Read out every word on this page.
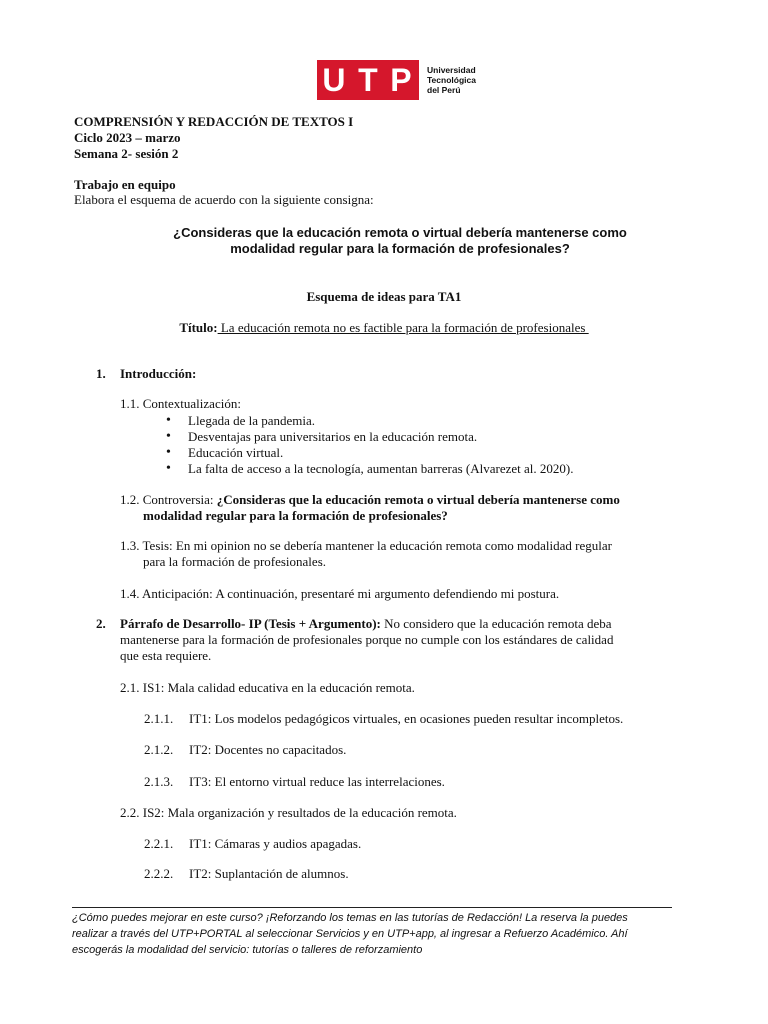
U T P Universidad
Tecnológica
del Perú
COMPRENSIÓN Y REDACCIÓN DE TEXTOS I
Ciclo 2023 – marzo
Semana 2- sesión 2
Trabajo en equipo
Elabora el esquema de acuerdo con la siguiente consigna:
¿Consideras que la educación remota o virtual debería mantenerse como
modalidad regular para la formación de profesionales?
Esquema de ideas para TA1
Título: La educación remota no es factible para la formación de profesionales
1. Introducción:
1.1. Contextualización:
• Llegada de la pandemia.
• Desventajas para universitarios en la educación remota.
• Educación virtual.
• La falta de acceso a la tecnología, aumentan barreras (Alvarezet al. 2020).
1.2. Controversia: ¿Consideras que la educación remota o virtual debería mantenerse como
modalidad regular para la formación de profesionales?
1.3. Tesis: En mi opinion no se debería mantener la educación remota como modalidad regular
para la formación de profesionales.
1.4. Anticipación: A continuación, presentaré mi argumento defendiendo mi postura.
2. Párrafo de Desarrollo- IP (Tesis + Argumento): No considero que la educación remota deba
mantenerse para la formación de profesionales porque no cumple con los estándares de calidad
que esta requiere.
2.1. IS1: Mala calidad educativa en la educación remota.
2.1.1. IT1: Los modelos pedagógicos virtuales, en ocasiones pueden resultar incompletos.
2.1.2. IT2: Docentes no capacitados.
2.1.3. IT3: El entorno virtual reduce las interrelaciones.
2.2. IS2: Mala organización y resultados de la educación remota.
2.2.1. IT1: Cámaras y audios apagadas.
2.2.2. IT2: Suplantación de alumnos.
¿Cómo puedes mejorar en este curso? ¡Reforzando los temas en las tutorías de Redacción! La reserva la puedes
realizar a través del UTP+PORTAL al seleccionar Servicios y en UTP+app, al ingresar a Refuerzo Académico. Ahí
escogerás la modalidad del servicio: tutorías o talleres de reforzamiento
